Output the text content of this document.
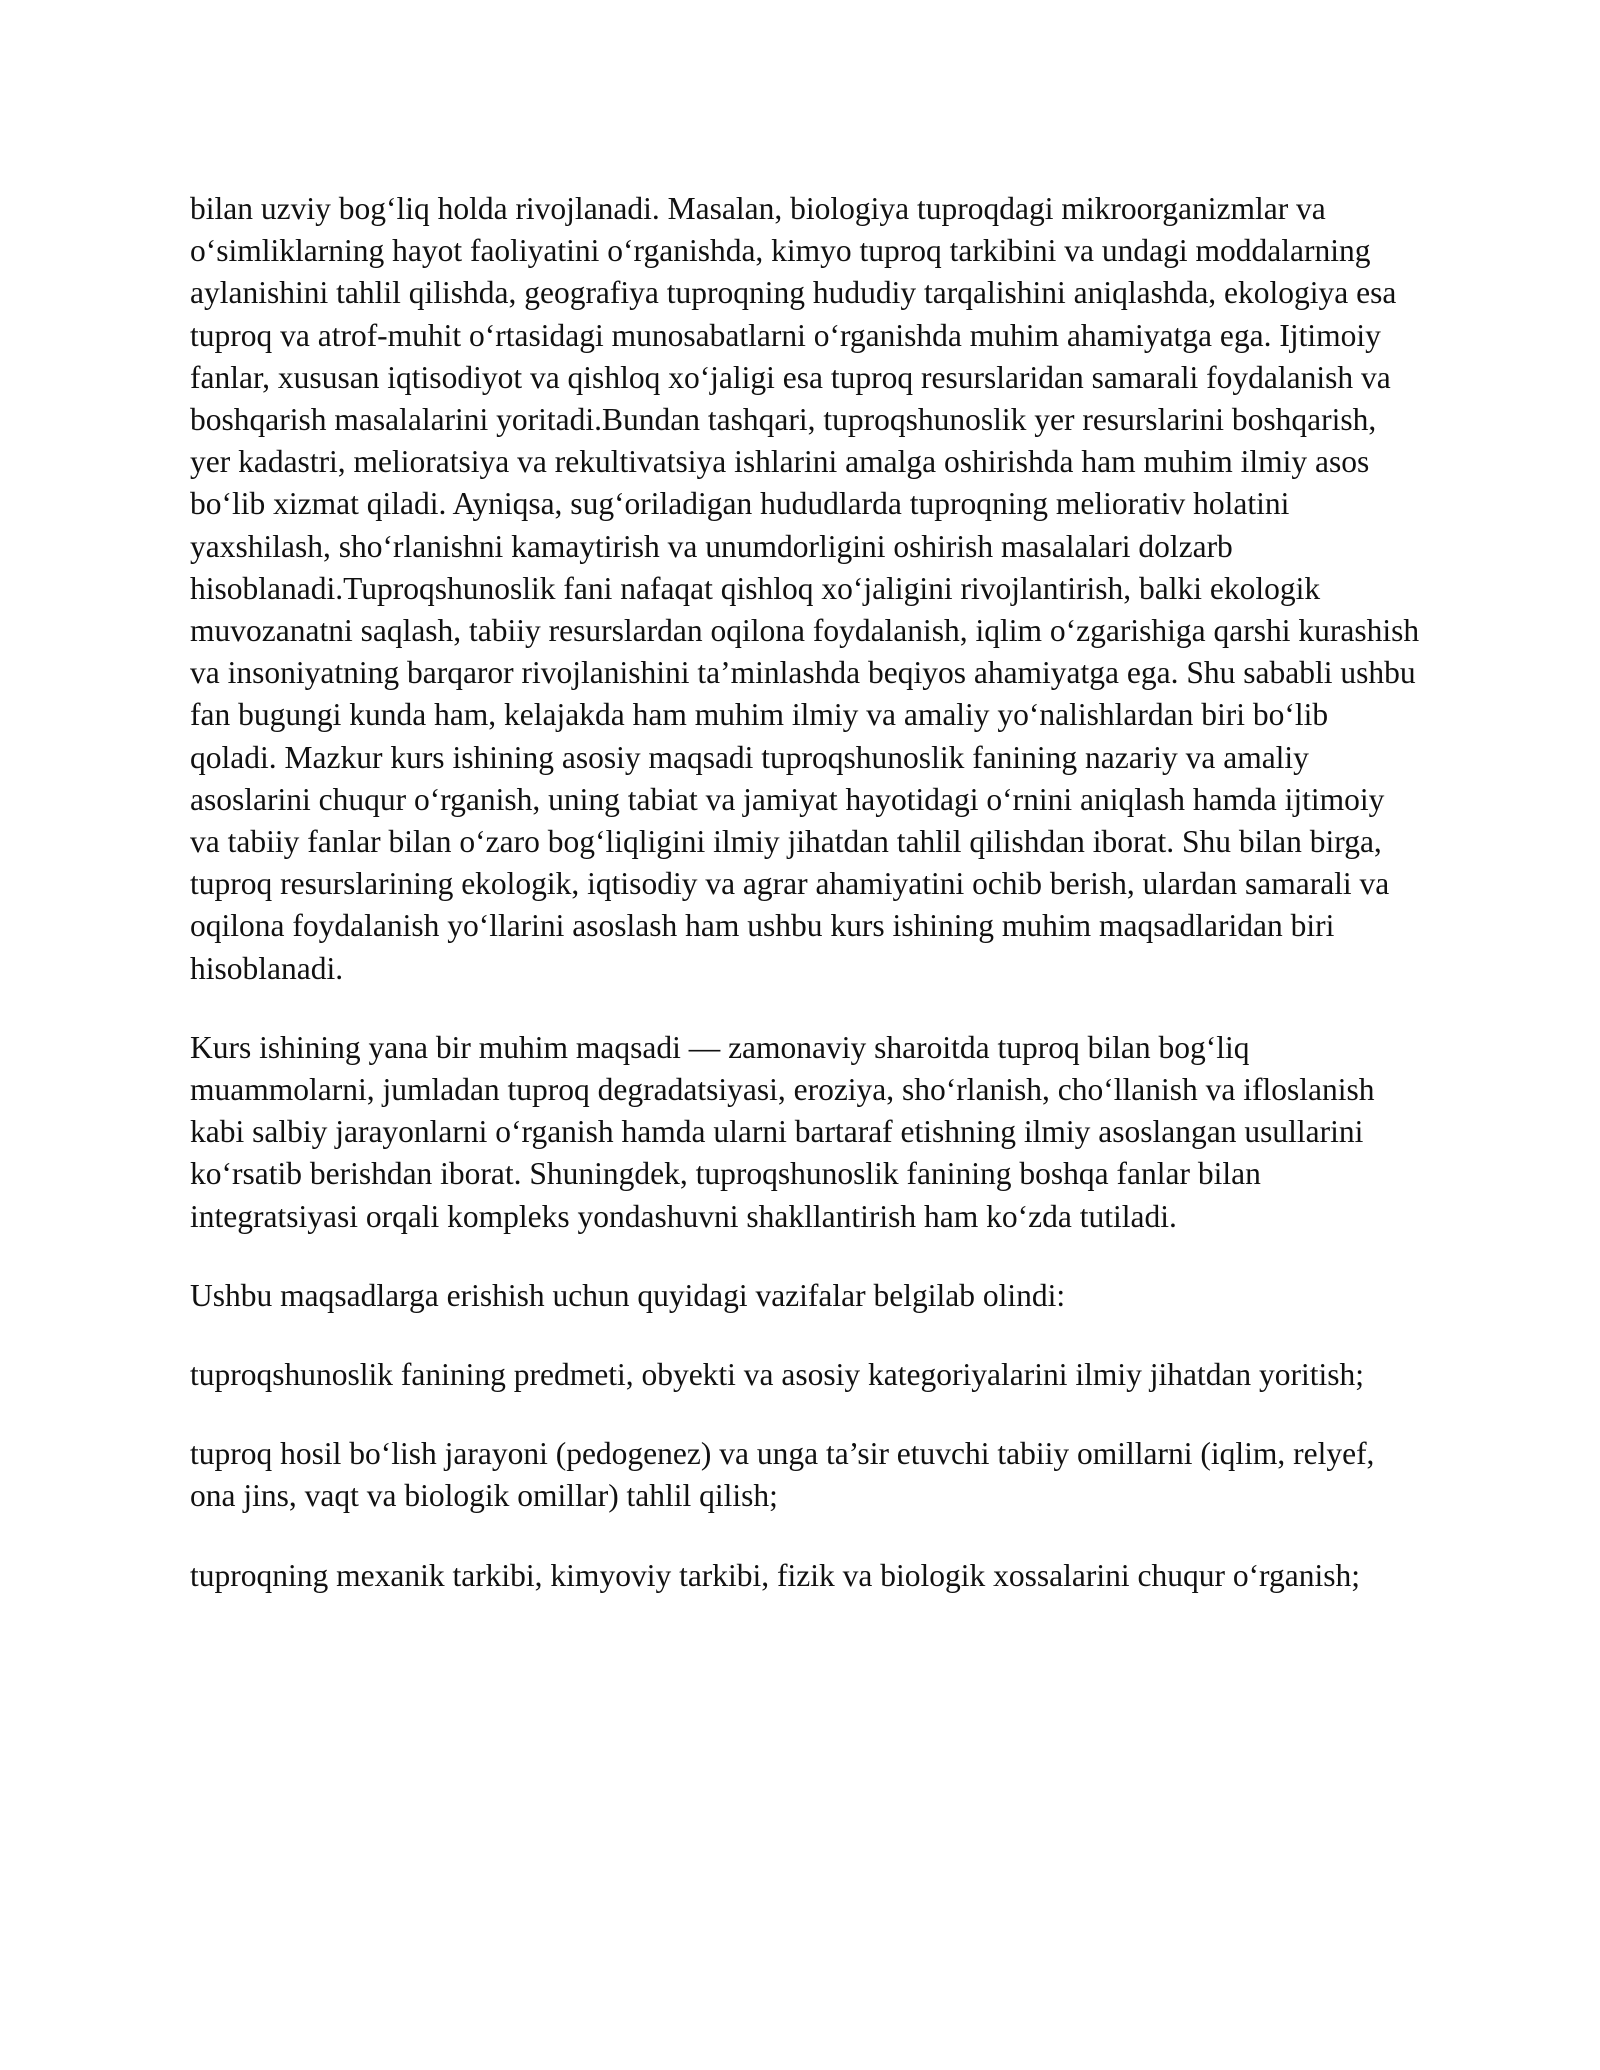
bilan uzviy bog‘liq holda rivojlanadi. Masalan, biologiya tuproqdagi mikroorganizmlar va o‘simliklarning hayot faoliyatini o‘rganishda, kimyo tuproq tarkibini va undagi moddalarning aylanishini tahlil qilishda, geografiya tuproqning hududiy tarqalishini aniqlashda, ekologiya esa tuproq va atrof-muhit o‘rtasidagi munosabatlarni o‘rganishda muhim ahamiyatga ega. Ijtimoiy fanlar, xususan iqtisodiyot va qishloq xo‘jaligi esa tuproq resurslaridan samarali foydalanish va boshqarish masalalarini yoritadi.Bundan tashqari, tuproqshunoslik yer resurslarini boshqarish, yer kadastri, melioratsiya va rekultivatsiya ishlarini amalga oshirishda ham muhim ilmiy asos bo‘lib xizmat qiladi. Ayniqsa, sug‘oriladigan hududlarda tuproqning meliorativ holatini yaxshilash, sho‘rlanishni kamaytirish va unumdorligini oshirish masalalari dolzarb hisoblanadi.Tuproqshunoslik fani nafaqat qishloq xo‘jaligini rivojlantirish, balki ekologik muvozanatni saqlash, tabiiy resurslardan oqilona foydalanish, iqlim o‘zgarishiga qarshi kurashish va insoniyatning barqaror rivojlanishini ta’minlashda beqiyos ahamiyatga ega. Shu sababli ushbu fan bugungi kunda ham, kelajakda ham muhim ilmiy va amaliy yo‘nalishlardan biri bo‘lib qoladi. Mazkur kurs ishining asosiy maqsadi tuproqshunoslik fanining nazariy va amaliy asoslarini chuqur o‘rganish, uning tabiat va jamiyat hayotidagi o‘rnini aniqlash hamda ijtimoiy va tabiiy fanlar bilan o‘zaro bog‘liqligini ilmiy jihatdan tahlil qilishdan iborat. Shu bilan birga, tuproq resurslarining ekologik, iqtisodiy va agrar ahamiyatini ochib berish, ulardan samarali va oqilona foydalanish yo‘llarini asoslash ham ushbu kurs ishining muhim maqsadlaridan biri hisoblanadi.

Kurs ishining yana bir muhim maqsadi — zamonaviy sharoitda tuproq bilan bog‘liq muammolarni, jumladan tuproq degradatsiyasi, eroziya, sho‘rlanish, cho‘llanish va ifloslanish kabi salbiy jarayonlarni o‘rganish hamda ularni bartaraf etishning ilmiy asoslangan usullarini ko‘rsatib berishdan iborat. Shuningdek, tuproqshunoslik fanining boshqa fanlar bilan integratsiyasi orqali kompleks yondashuvni shakllantirish ham ko‘zda tutiladi.

Ushbu maqsadlarga erishish uchun quyidagi vazifalar belgilab olindi:

tuproqshunoslik fanining predmeti, obyekti va asosiy kategoriyalarini ilmiy jihatdan yoritish;

tuproq hosil bo‘lish jarayoni (pedogenez) va unga ta’sir etuvchi tabiiy omillarni (iqlim, relyef, ona jins, vaqt va biologik omillar) tahlil qilish;

tuproqning mexanik tarkibi, kimyoviy tarkibi, fizik va biologik xossalarini chuqur o‘rganish;
